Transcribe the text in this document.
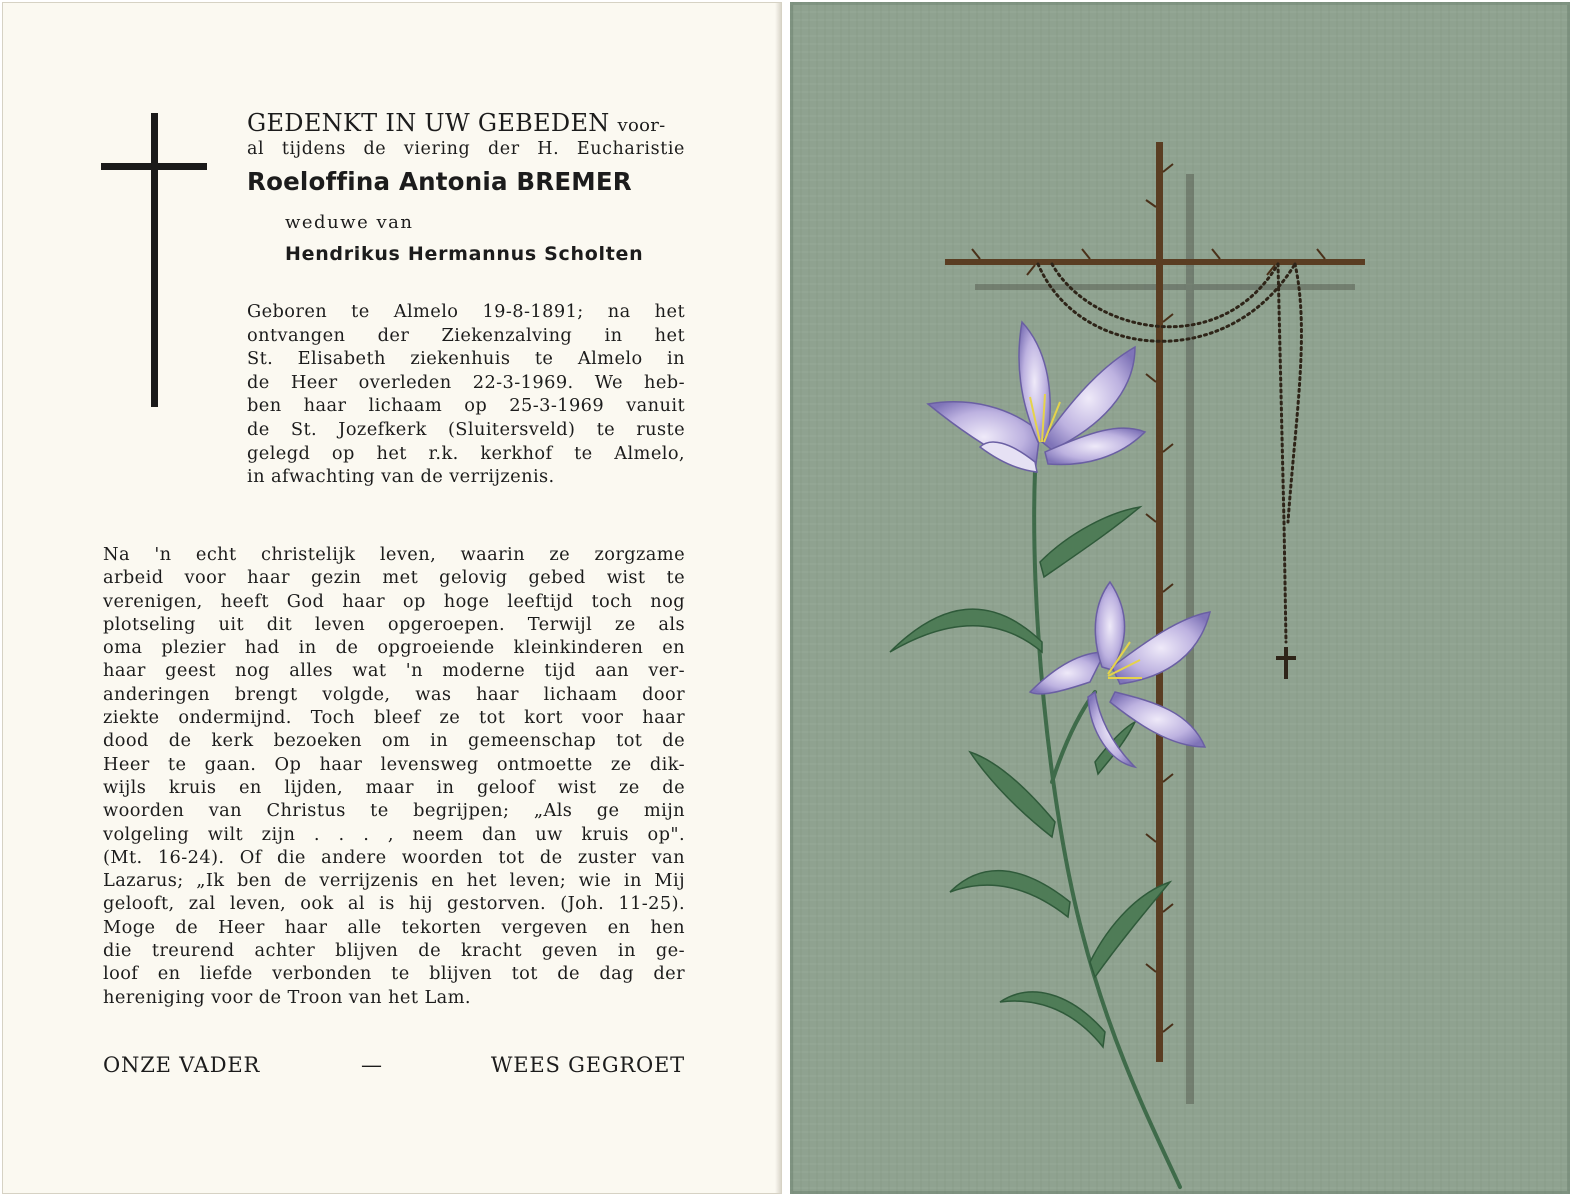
GEDENKT IN UW GEBEDEN voor-
al tijdens de viering der H. Eucharistie
Roeloffina Antonia BREMER
weduwe van
Hendrikus Hermannus Scholten
Geboren te Almelo 19-8-1891; na het
ontvangen der Ziekenzalving in het
St. Elisabeth ziekenhuis te Almelo in
de Heer overleden 22-3-1969. We heb-
ben haar lichaam op 25-3-1969 vanuit
de St. Jozefkerk (Sluitersveld) te ruste
gelegd op het r.k. kerkhof te Almelo,
in afwachting van de verrijzenis.
Na 'n echt christelijk leven, waarin ze zorgzame
arbeid voor haar gezin met gelovig gebed wist te
verenigen, heeft God haar op hoge leeftijd toch nog
plotseling uit dit leven opgeroepen. Terwijl ze als
oma plezier had in de opgroeiende kleinkinderen en
haar geest nog alles wat 'n moderne tijd aan ver-
anderingen brengt volgde, was haar lichaam door
ziekte ondermijnd. Toch bleef ze tot kort voor haar
dood de kerk bezoeken om in gemeenschap tot de
Heer te gaan. Op haar levensweg ontmoette ze dik-
wijls kruis en lijden, maar in geloof wist ze de
woorden van Christus te begrijpen; „Als ge mijn
volgeling wilt zijn . . . , neem dan uw kruis op".
(Mt. 16-24). Of die andere woorden tot de zuster van
Lazarus; „Ik ben de verrijzenis en het leven; wie in Mij
gelooft, zal leven, ook al is hij gestorven. (Joh. 11-25).
Moge de Heer haar alle tekorten vergeven en hen
die treurend achter blijven de kracht geven in ge-
loof en liefde verbonden te blijven tot de dag der
hereniging voor de Troon van het Lam.
ONZE VADER	—	WEES GEGROET
